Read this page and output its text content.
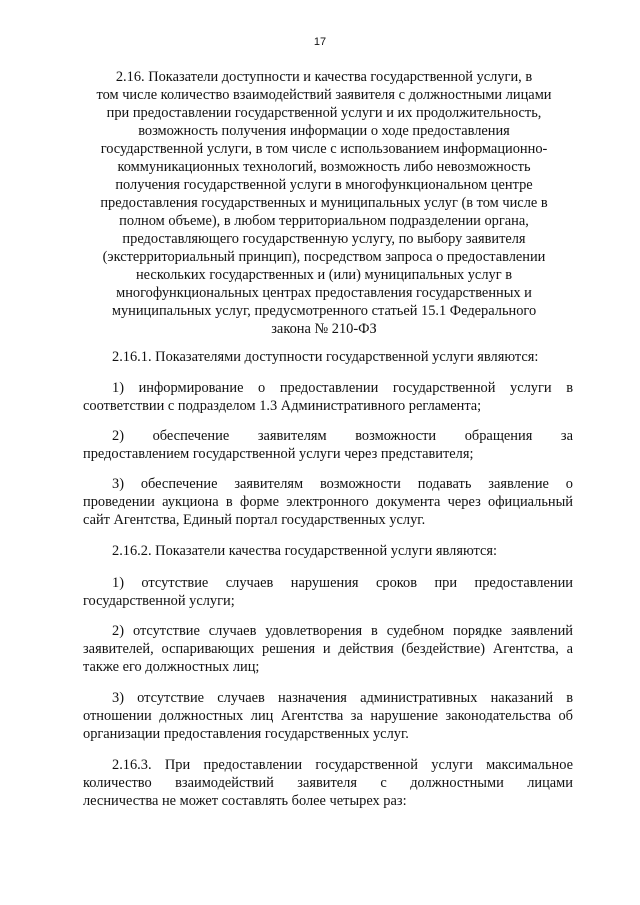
17
2.16. Показатели доступности и качества государственной услуги, в
том числе количество взаимодействий заявителя с должностными лицами
при предоставлении государственной услуги и их продолжительность,
возможность получения информации о ходе предоставления
государственной услуги, в том числе с использованием информационно-
коммуникационных технологий, возможность либо невозможность
получения государственной услуги в многофункциональном центре
предоставления государственных и муниципальных услуг (в том числе в
полном объеме), в любом территориальном подразделении органа,
предоставляющего государственную услугу, по выбору заявителя
(экстерриториальный принцип), посредством запроса о предоставлении
нескольких государственных и (или) муниципальных услуг в
многофункциональных центрах предоставления государственных и
муниципальных услуг, предусмотренного статьей 15.1 Федерального
закона № 210-ФЗ
2.16.1. Показателями доступности государственной услуги являются:
1) информирование о предоставлении государственной услуги в
соответствии с подразделом 1.3 Административного регламента;
2) обеспечение заявителям возможности обращения за
предоставлением государственной услуги через представителя;
3) обеспечение заявителям возможности подавать заявление о
проведении аукциона в форме электронного документа через официальный
сайт Агентства, Единый портал государственных услуг.
2.16.2. Показатели качества государственной услуги являются:
1) отсутствие случаев нарушения сроков при предоставлении
государственной услуги;
2) отсутствие случаев удовлетворения в судебном порядке заявлений
заявителей, оспаривающих решения и действия (бездействие) Агентства, а
также его должностных лиц;
3) отсутствие случаев назначения административных наказаний в
отношении должностных лиц Агентства за нарушение законодательства об
организации предоставления государственных услуг.
2.16.3. При предоставлении государственной услуги максимальное
количество взаимодействий заявителя с должностными лицами
лесничества не может составлять более четырех раз:
